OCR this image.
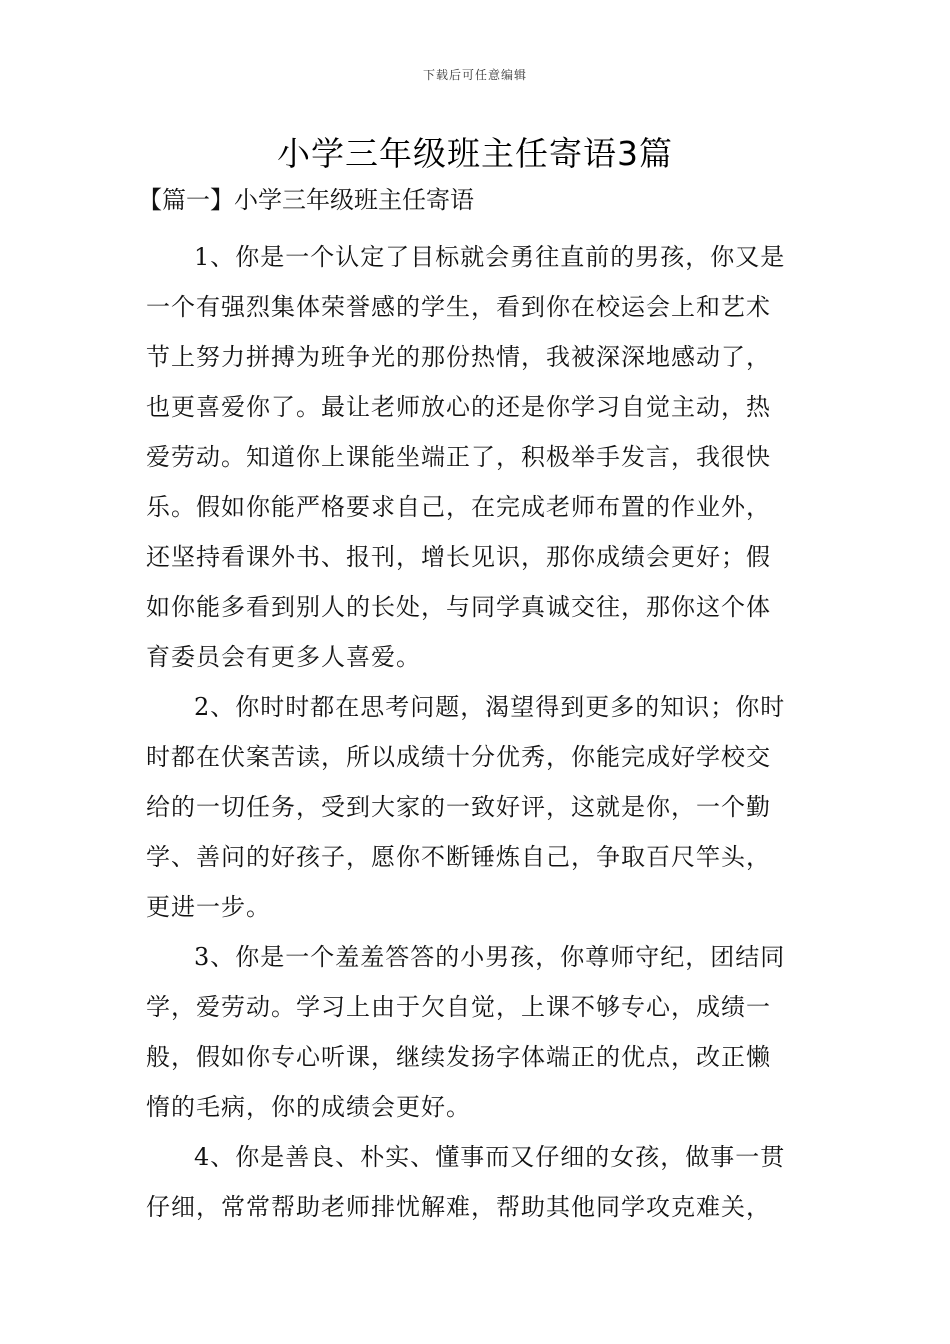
下载后可任意编辑
小学三年级班主任寄语3篇
【篇一】小学三年级班主任寄语
1、你是一个认定了目标就会勇往直前的男孩，你又是
一个有强烈集体荣誉感的学生，看到你在校运会上和艺术
节上努力拼搏为班争光的那份热情，我被深深地感动了，
也更喜爱你了。最让老师放心的还是你学习自觉主动，热
爱劳动。知道你上课能坐端正了，积极举手发言，我很快
乐。假如你能严格要求自己，在完成老师布置的作业外，
还坚持看课外书、报刊，增长见识，那你成绩会更好；假
如你能多看到别人的长处，与同学真诚交往，那你这个体
育委员会有更多人喜爱。
2、你时时都在思考问题，渴望得到更多的知识；你时
时都在伏案苦读，所以成绩十分优秀，你能完成好学校交
给的一切任务，受到大家的一致好评，这就是你，一个勤
学、善问的好孩子，愿你不断锤炼自己，争取百尺竿头，
更进一步。
3、你是一个羞羞答答的小男孩，你尊师守纪，团结同
学，爱劳动。学习上由于欠自觉，上课不够专心，成绩一
般，假如你专心听课，继续发扬字体端正的优点，改正懒
惰的毛病，你的成绩会更好。
4、你是善良、朴实、懂事而又仔细的女孩，做事一贯
仔细，常常帮助老师排忧解难，帮助其他同学攻克难关，
